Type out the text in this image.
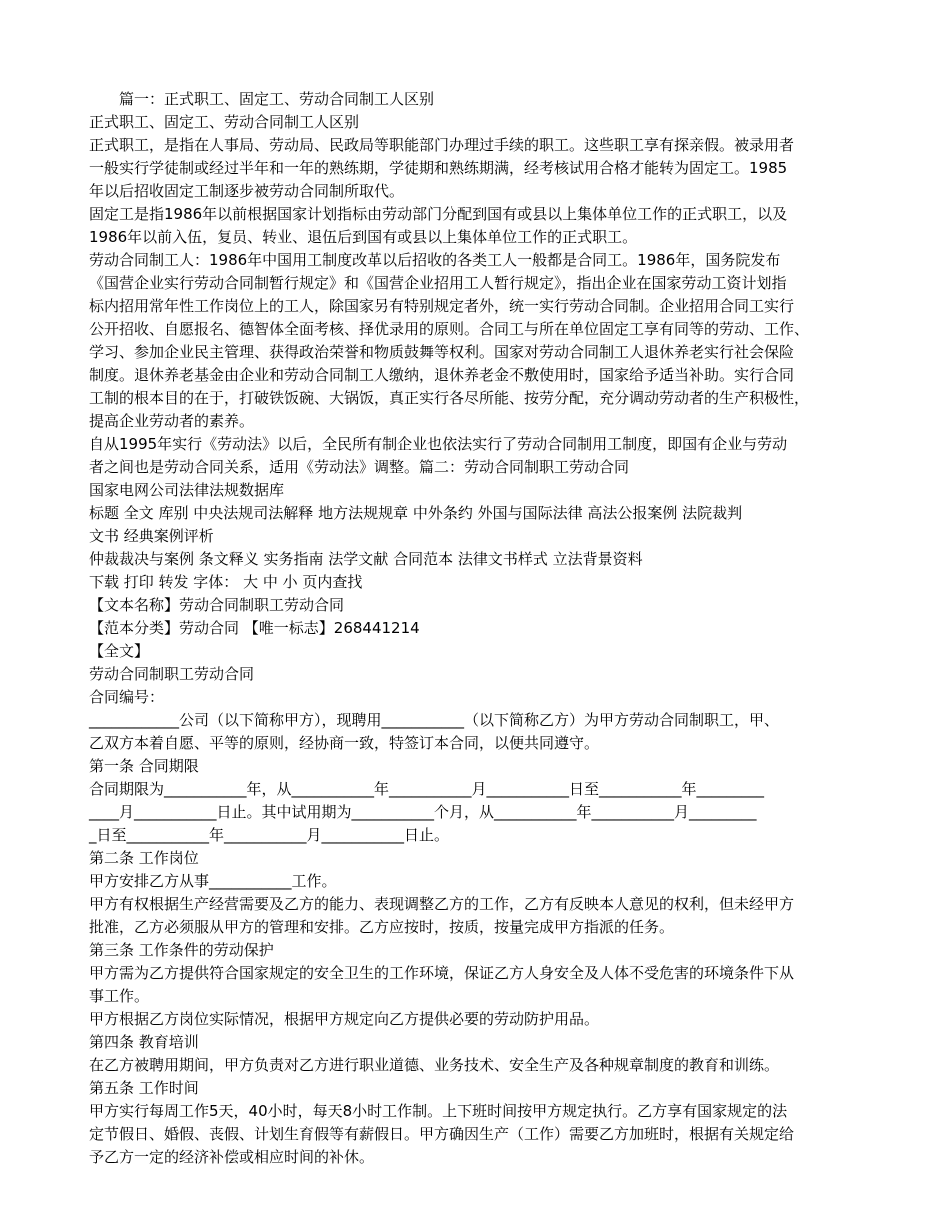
　　篇一：正式职工、固定工、劳动合同制工人区别
正式职工、固定工、劳动合同制工人区别
正式职工，是指在人事局、劳动局、民政局等职能部门办理过手续的职工。这些职工享有探亲假。被录用者
一般实行学徒制或经过半年和一年的熟练期，学徒期和熟练期满，经考核试用合格才能转为固定工。1985
年以后招收固定工制逐步被劳动合同制所取代。
固定工是指1986年以前根据国家计划指标由劳动部门分配到国有或县以上集体单位工作的正式职工，以及
1986年以前入伍，复员、转业、退伍后到国有或县以上集体单位工作的正式职工。
劳动合同制工人：1986年中国用工制度改革以后招收的各类工人一般都是合同工。1986年，国务院发布
《国营企业实行劳动合同制暂行规定》和《国营企业招用工人暂行规定》，指出企业在国家劳动工资计划指
标内招用常年性工作岗位上的工人，除国家另有特别规定者外，统一实行劳动合同制。企业招用合同工实行
公开招收、自愿报名、德智体全面考核、择优录用的原则。合同工与所在单位固定工享有同等的劳动、工作、
学习、参加企业民主管理、获得政治荣誉和物质鼓舞等权利。国家对劳动合同制工人退休养老实行社会保险
制度。退休养老基金由企业和劳动合同制工人缴纳，退休养老金不敷使用时，国家给予适当补助。实行合同
工制的根本目的在于，打破铁饭碗、大锅饭，真正实行各尽所能、按劳分配，充分调动劳动者的生产积极性，
提高企业劳动者的素养。
自从1995年实行《劳动法》以后，全民所有制企业也依法实行了劳动合同制用工制度，即国有企业与劳动
者之间也是劳动合同关系，适用《劳动法》调整。篇二：劳动合同制职工劳动合同
国家电网公司法律法规数据库
标题 全文 库别 中央法规司法解释 地方法规规章 中外条约 外国与国际法律 高法公报案例 法院裁判
文书 经典案例评析
仲裁裁决与案例 条文释义 实务指南 法学文献 合同范本 法律文书样式 立法背景资料
下载 打印 转发 字体： 大 中 小 页内查找
【文本名称】劳动合同制职工劳动合同
【范本分类】劳动合同 【唯一标志】268441214
【全文】
劳动合同制职工劳动合同
合同编号：
____________公司（以下简称甲方），现聘用___________（以下简称乙方）为甲方劳动合同制职工，甲、
乙双方本着自愿、平等的原则，经协商一致，特签订本合同，以便共同遵守。
第一条 合同期限
合同期限为___________年，从___________年___________月___________日至___________年_________
____月___________日止。其中试用期为___________个月，从___________年___________月_________
_日至___________年___________月___________日止。
第二条 工作岗位
甲方安排乙方从事___________工作。
甲方有权根据生产经营需要及乙方的能力、表现调整乙方的工作，乙方有反映本人意见的权利，但未经甲方
批准，乙方必须服从甲方的管理和安排。乙方应按时，按质，按量完成甲方指派的任务。
第三条 工作条件的劳动保护
甲方需为乙方提供符合国家规定的安全卫生的工作环境，保证乙方人身安全及人体不受危害的环境条件下从
事工作。
甲方根据乙方岗位实际情况，根据甲方规定向乙方提供必要的劳动防护用品。
第四条 教育培训
在乙方被聘用期间，甲方负责对乙方进行职业道德、业务技术、安全生产及各种规章制度的教育和训练。
第五条 工作时间
甲方实行每周工作5天，40小时，每天8小时工作制。上下班时间按甲方规定执行。乙方享有国家规定的法
定节假日、婚假、丧假、计划生育假等有薪假日。甲方确因生产（工作）需要乙方加班时，根据有关规定给
予乙方一定的经济补偿或相应时间的补休。
